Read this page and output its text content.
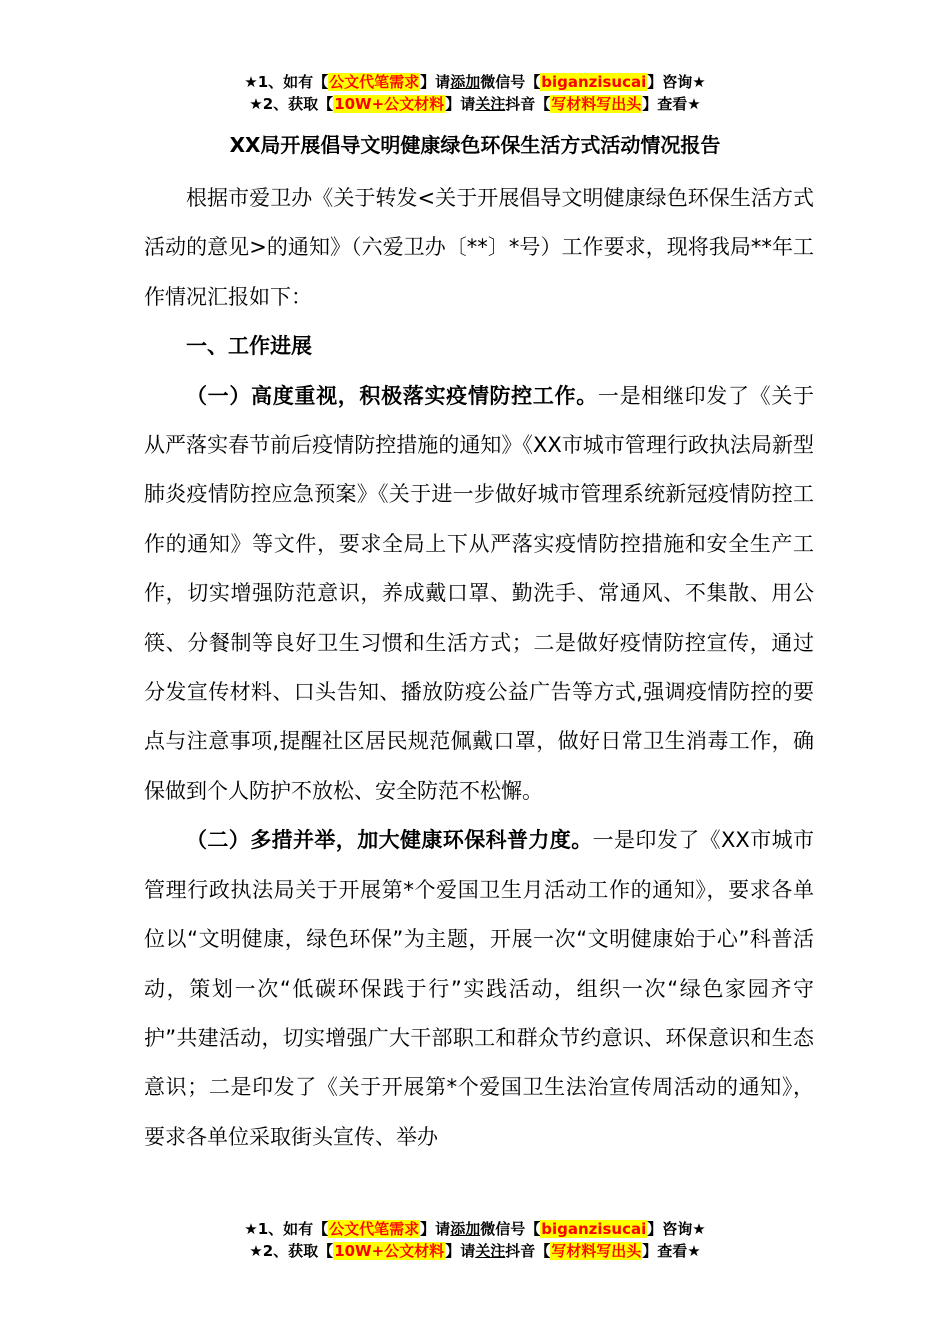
★1、如有【公文代笔需求】请添加微信号【biganzisucai】咨询★
★2、获取【10W+公文材料】请关注抖音【写材料写出头】查看★
XX局开展倡导文明健康绿色环保生活方式活动情况报告

根据市爱卫办《关于转发<关于开展倡导文明健康绿色环保生活方式活动的意见>的通知》（六爱卫办〔**〕*号）工作要求，现将我局**年工作情况汇报如下：

一、工作进展

（一）高度重视，积极落实疫情防控工作。一是相继印发了《关于从严落实春节前后疫情防控措施的通知》《XX市城市管理行政执法局新型肺炎疫情防控应急预案》《关于进一步做好城市管理系统新冠疫情防控工作的通知》等文件，要求全局上下从严落实疫情防控措施和安全生产工作，切实增强防范意识，养成戴口罩、勤洗手、常通风、不集散、用公筷、分餐制等良好卫生习惯和生活方式；二是做好疫情防控宣传，通过分发宣传材料、口头告知、播放防疫公益广告等方式,强调疫情防控的要点与注意事项,提醒社区居民规范佩戴口罩，做好日常卫生消毒工作，确保做到个人防护不放松、安全防范不松懈。

（二）多措并举，加大健康环保科普力度。一是印发了《XX市城市管理行政执法局关于开展第*个爱国卫生月活动工作的通知》，要求各单位以“文明健康，绿色环保”为主题，开展一次“文明健康始于心”科普活动，策划一次“低碳环保践于行”实践活动，组织一次“绿色家园齐守护”共建活动，切实增强广大干部职工和群众节约意识、环保意识和生态意识；二是印发了《关于开展第*个爱国卫生法治宣传周活动的通知》，要求各单位采取街头宣传、举办

★1、如有【公文代笔需求】请添加微信号【biganzisucai】咨询★
★2、获取【10W+公文材料】请关注抖音【写材料写出头】查看★
